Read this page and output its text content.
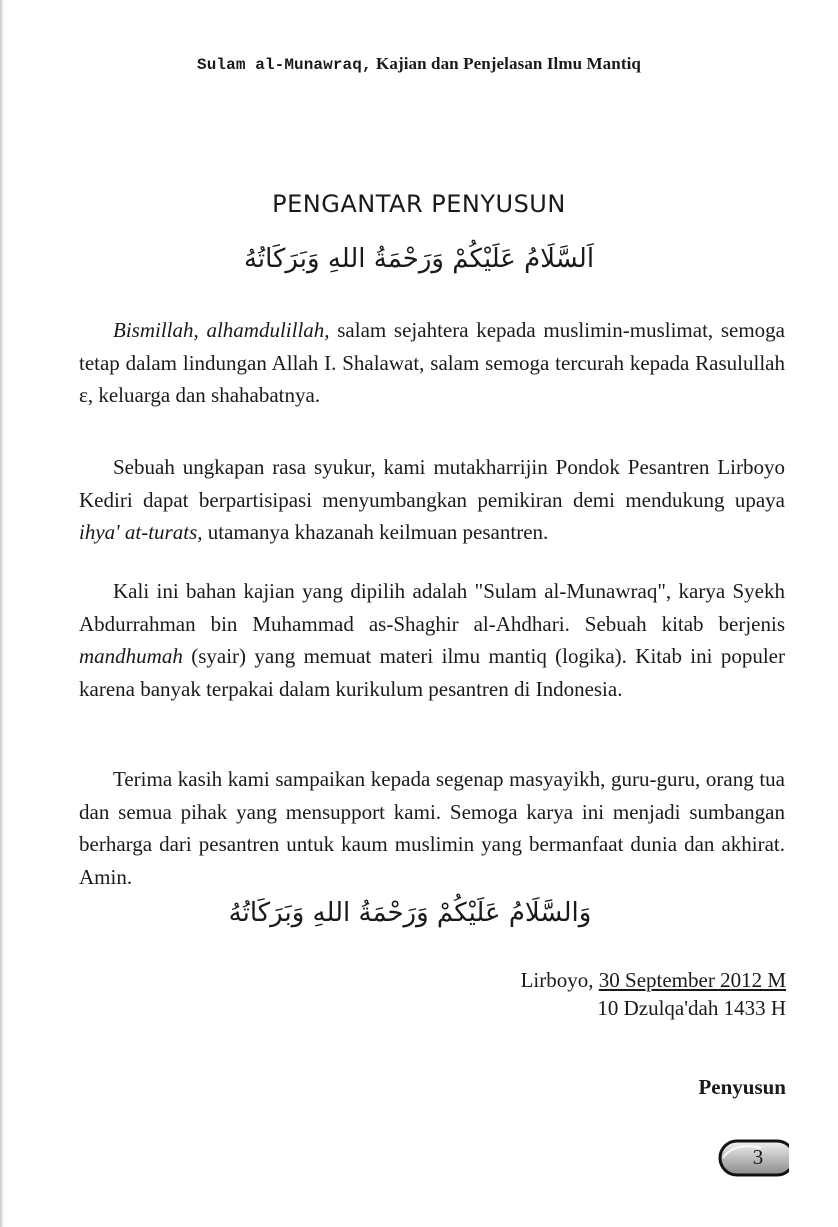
Sulam al-Munawraq, Kajian dan Penjelasan Ilmu Mantiq
PENGANTAR PENYUSUN
اَلسَّلَامُ عَلَيْكُمْ وَرَحْمَةُ اللهِ وَبَرَكَاتُهُ

Bismillah, alhamdulillah, salam sejahtera kepada muslimin-muslimat, semoga tetap dalam lindungan Allah I. Shalawat, salam semoga tercurah kepada Rasulullah ε, keluarga dan shahabatnya.

Sebuah ungkapan rasa syukur, kami mutakharrijin Pondok Pesantren Lirboyo Kediri dapat berpartisipasi menyumbangkan pemikiran demi mendukung upaya ihya' at-turats, utamanya khazanah keilmuan pesantren.

Kali ini bahan kajian yang dipilih adalah "Sulam al-Munawraq", karya Syekh Abdurrahman bin Muhammad as-Shaghir al-Ahdhari. Sebuah kitab berjenis mandhumah (syair) yang memuat materi ilmu mantiq (logika). Kitab ini populer karena banyak terpakai dalam kurikulum pesantren di Indonesia.

Terima kasih kami sampaikan kepada segenap masyayikh, guru-guru, orang tua dan semua pihak yang mensupport kami. Semoga karya ini menjadi sumbangan berharga dari pesantren untuk kaum muslimin yang bermanfaat dunia dan akhirat. Amin.

وَالسَّلَامُ عَلَيْكُمْ وَرَحْمَةُ اللهِ وَبَرَكَاتُهُ
Lirboyo, 30 September 2012 M
10 Dzulqa'dah 1433 H
Penyusun
3
